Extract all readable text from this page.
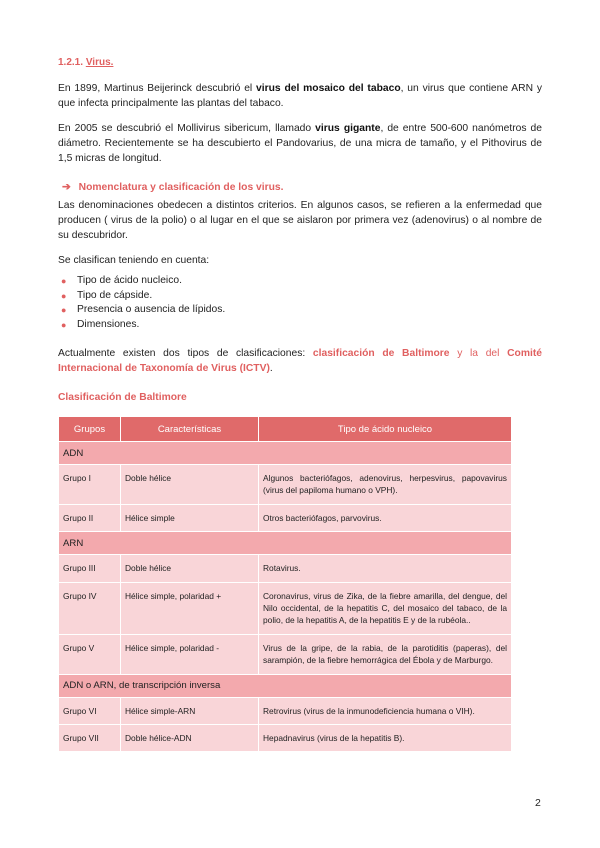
1.2.1. Virus.

En 1899, Martinus Beijerinck descubrió el virus del mosaico del tabaco, un virus que contiene ARN y que infecta principalmente las plantas del tabaco.

En 2005 se descubrió el Mollivirus sibericum, llamado virus gigante, de entre 500-600 nanómetros de diámetro. Recientemente se ha descubierto el Pandovarius, de una micra de tamaño, y el Pithovirus de 1,5 micras de longitud.

➔ Nomenclatura y clasificación de los virus.

Las denominaciones obedecen a distintos criterios. En algunos casos, se refieren a la enfermedad que producen ( virus de la polio) o al lugar en el que se aislaron por primera vez (adenovirus) o al nombre de su descubridor.

Se clasifican teniendo en cuenta:

● Tipo de ácido nucleico.
● Tipo de cápside.
● Presencia o ausencia de lípidos.
● Dimensiones.

Actualmente existen dos tipos de clasificaciones: clasificación de Baltimore y la del Comité Internacional de Taxonomía de Virus (ICTV).

Clasificación de Baltimore
Grupos	Características	Tipo de ácido nucleico
ADN		
Grupo I	Doble hélice	Algunos bacteriófagos, adenovirus, herpesvirus, papovavirus (virus del papiloma humano o VPH).
Grupo II	Hélice simple	Otros bacteriófagos, parvovirus.
ARN		
Grupo III	Doble hélice	Rotavirus.
Grupo IV	Hélice simple, polaridad +	Coronavirus, virus de Zika, de la fiebre amarilla, del dengue, del Nilo occidental, de la hepatitis C, del mosaico del tabaco, de la polio, de la hepatitis A, de la hepatitis E y de la rubéola..
Grupo V	Hélice simple, polaridad -	Virus de la gripe, de la rabia, de la parotiditis (paperas), del sarampión, de la fiebre hemorrágica del Ébola y de Marburgo.
ADN o ARN, de transcripción inversa		
Grupo VI	Hélice simple-ARN	Retrovirus (virus de la inmunodeficiencia humana o VIH).
Grupo VII	Doble hélice-ADN	Hepadnavirus (virus de la hepatitis B).
2
